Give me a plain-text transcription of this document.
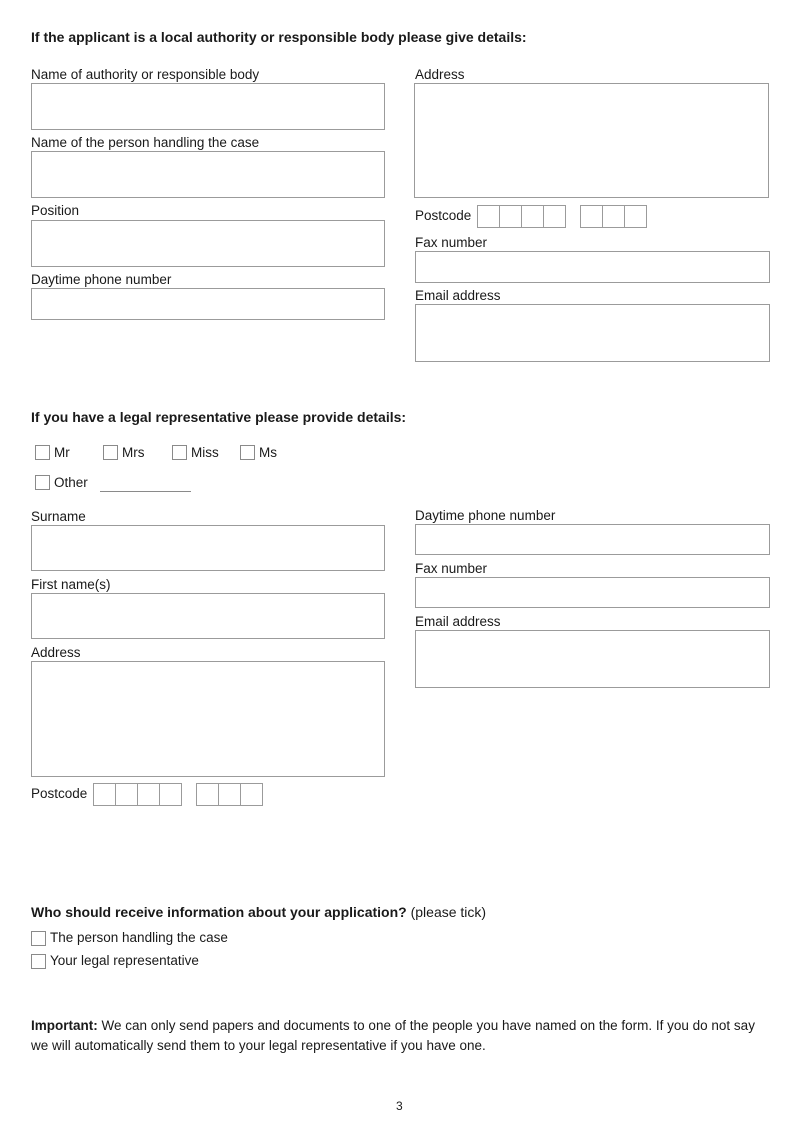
If the applicant is a local authority or responsible body please give details:
Name of authority or responsible body
Name of the person handling the case
Position
Daytime phone number
Address
Postcode
Fax number
Email address
If you have a legal representative please provide details:
Mr	Mrs	Miss	Ms
Other
Surname
First name(s)
Address
Postcode
Daytime phone number
Fax number
Email address
Who should receive information about your application? (please tick)
The person handling the case
Your legal representative
Important: We can only send papers and documents to one of the people you have named on the form. If you do not say we will automatically send them to your legal representative if you have one.
3
